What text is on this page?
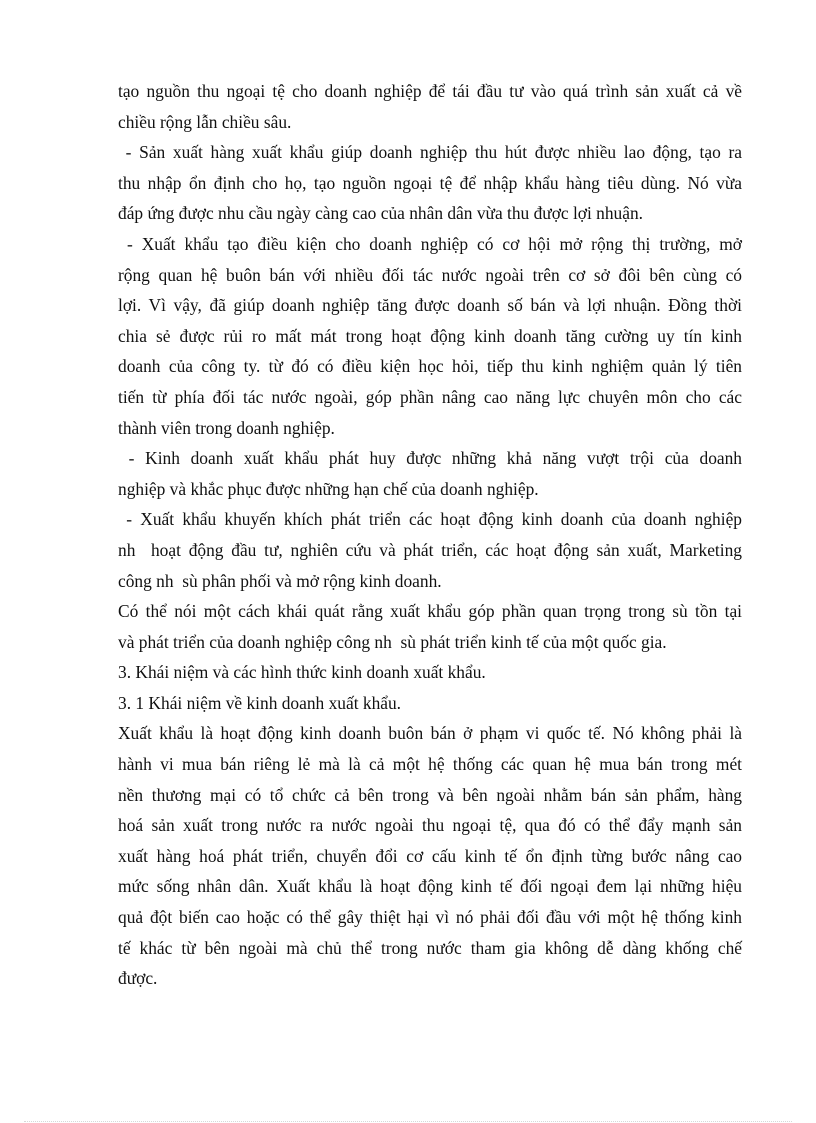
tạo nguồn thu ngoại tệ cho doanh nghiệp để tái đầu tư vào quá trình sản xuất cả về
chiều rộng lẫn chiều sâu.
- Sản xuất hàng xuất khẩu giúp doanh nghiệp thu hút được nhiều lao động, tạo ra
thu nhập ổn định cho họ, tạo nguồn ngoại tệ để nhập khẩu hàng tiêu dùng. Nó vừa
đáp ứng được nhu cầu ngày càng cao của nhân dân vừa thu được lợi nhuận.
- Xuất khẩu tạo điều kiện cho doanh nghiệp có cơ hội mở rộng thị trường, mở
rộng quan hệ buôn bán với nhiều đối tác nước ngoài trên cơ sở đôi bên cùng có
lợi. Vì vậy, đã giúp doanh nghiệp tăng được doanh số bán và lợi nhuận. Đồng thời
chia sẻ được rủi ro mất mát trong hoạt động kinh doanh tăng cường uy tín kinh
doanh của công ty. từ đó có điều kiện học hỏi, tiếp thu kinh nghiệm quản lý tiên
tiến từ phía đối tác nước ngoài, góp phần nâng cao năng lực chuyên môn cho các
thành viên trong doanh nghiệp.
- Kinh doanh xuất khẩu phát huy được những khả năng vượt trội của doanh
nghiệp và khắc phục được những hạn chế của doanh nghiệp.
- Xuất khẩu khuyến khích phát triển các hoạt động kinh doanh của doanh nghiệp
nh  hoạt động đầu tư, nghiên cứu và phát triển, các hoạt động sản xuất, Marketing
công nh  sù phân phối và mở rộng kinh doanh.
Có thể nói một cách khái quát rằng xuất khẩu góp phần quan trọng trong sù tồn tại
và phát triển của doanh nghiệp công nh  sù phát triển kinh tế của một quốc gia.
3. Khái niệm và các hình thức kinh doanh xuất khẩu.
3. 1 Khái niệm về kinh doanh xuất khẩu.
Xuất khẩu là hoạt động kinh doanh buôn bán ở phạm vi quốc tế. Nó không phải là
hành vi mua bán riêng lẻ mà là cả một hệ thống các quan hệ mua bán trong mét
nền thương mại có tổ chức cả bên trong và bên ngoài nhằm bán sản phẩm, hàng
hoá sản xuất trong nước ra nước ngoài thu ngoại tệ, qua đó có thể đẩy mạnh sản
xuất hàng hoá phát triển, chuyển đổi cơ cấu kinh tế ổn định từng bước nâng cao
mức sống nhân dân. Xuất khẩu là hoạt động kinh tế đối ngoại đem lại những hiệu
quả đột biến cao hoặc có thể gây thiệt hại vì nó phải đối đầu với một hệ thống kinh
tế khác từ bên ngoài mà chủ thể trong nước tham gia không dễ dàng khống chế
được.
